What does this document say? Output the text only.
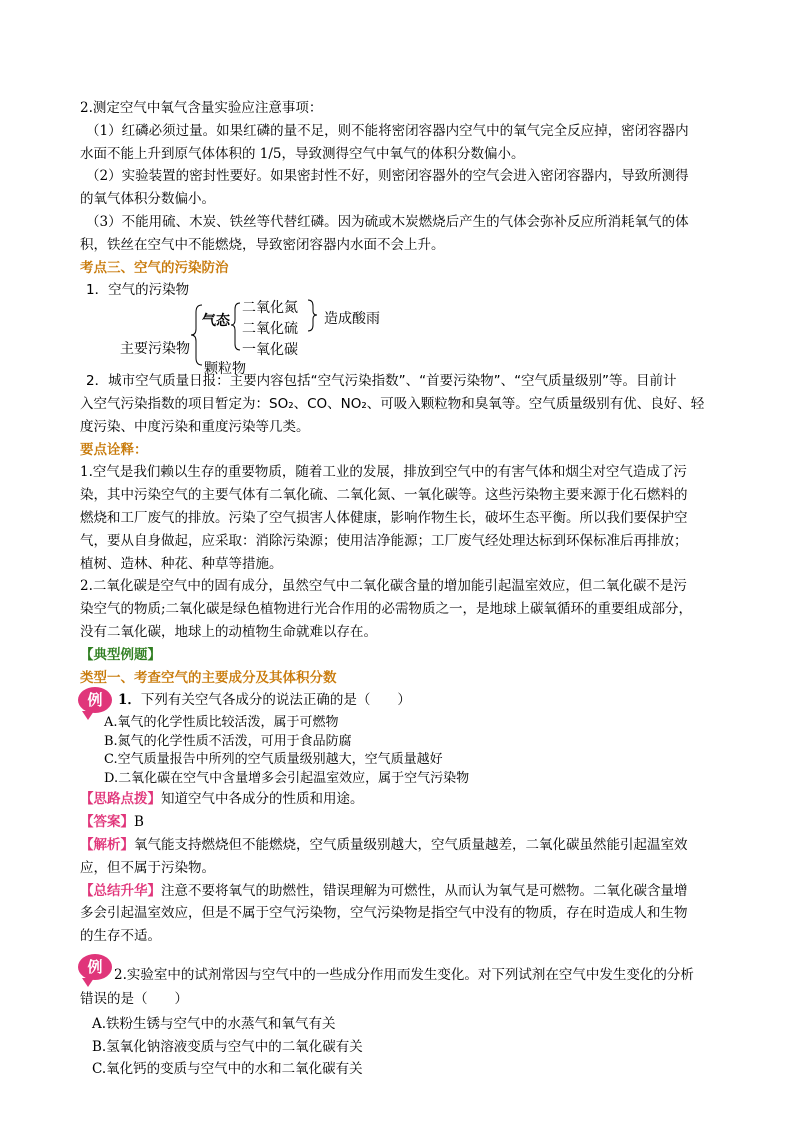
2.测定空气中氧气含量实验应注意事项：
（1）红磷必须过量。如果红磷的量不足，则不能将密闭容器内空气中的氧气完全反应掉，密闭容器内
水面不能上升到原气体体积的 1/5，导致测得空气中氧气的体积分数偏小。
（2）实验装置的密封性要好。如果密封性不好，则密闭容器外的空气会进入密闭容器内，导致所测得
的氧气体积分数偏小。
（3）不能用硫、木炭、铁丝等代替红磷。因为硫或木炭燃烧后产生的气体会弥补反应所消耗氧气的体
积，铁丝在空气中不能燃烧，导致密闭容器内水面不会上升。
考点三、空气的污染防治
1．空气的污染物
主要污染物
气态
二氧化氮
二氧化硫
一氧化碳
造成酸雨
颗粒物
2．城市空气质量日报：主要内容包括“空气污染指数”、“首要污染物”、“空气质量级别”等。目前计
入空气污染指数的项目暂定为：SO₂、CO、NO₂、可吸入颗粒物和臭氧等。空气质量级别有优、良好、轻
度污染、中度污染和重度污染等几类。
要点诠释：
1.空气是我们赖以生存的重要物质，随着工业的发展，排放到空气中的有害气体和烟尘对空气造成了污
染，其中污染空气的主要气体有二氧化硫、二氧化氮、一氧化碳等。这些污染物主要来源于化石燃料的
燃烧和工厂废气的排放。污染了空气损害人体健康，影响作物生长，破坏生态平衡。所以我们要保护空
气，要从自身做起，应采取：消除污染源；使用洁净能源；工厂废气经处理达标到环保标准后再排放；
植树、造林、种花、种草等措施。
2.二氧化碳是空气中的固有成分，虽然空气中二氧化碳含量的增加能引起温室效应，但二氧化碳不是污
染空气的物质;二氧化碳是绿色植物进行光合作用的必需物质之一，是地球上碳氧循环的重要组成部分，
没有二氧化碳，地球上的动植物生命就难以存在。
【典型例题】
类型一、考查空气的主要成分及其体积分数
例	1．下列有关空气各成分的说法正确的是（　　）
A.氧气的化学性质比较活泼，属于可燃物
B.氮气的化学性质不活泼，可用于食品防腐
C.空气质量报告中所列的空气质量级别越大，空气质量越好
D.二氧化碳在空气中含量增多会引起温室效应，属于空气污染物
【思路点拨】知道空气中各成分的性质和用途。
【答案】B
【解析】氧气能支持燃烧但不能燃烧，空气质量级别越大，空气质量越差，二氧化碳虽然能引起温室效
应，但不属于污染物。
【总结升华】注意不要将氧气的助燃性，错误理解为可燃性，从而认为氧气是可燃物。二氧化碳含量增
多会引起温室效应，但是不属于空气污染物，空气污染物是指空气中没有的物质，存在时造成人和生物
的生存不适。
例 2.实验室中的试剂常因与空气中的一些成分作用而发生变化。对下列试剂在空气中发生变化的分析
错误的是（　　）
A.铁粉生锈与空气中的水蒸气和氧气有关
B.氢氧化钠溶液变质与空气中的二氧化碳有关
C.氧化钙的变质与空气中的水和二氧化碳有关
